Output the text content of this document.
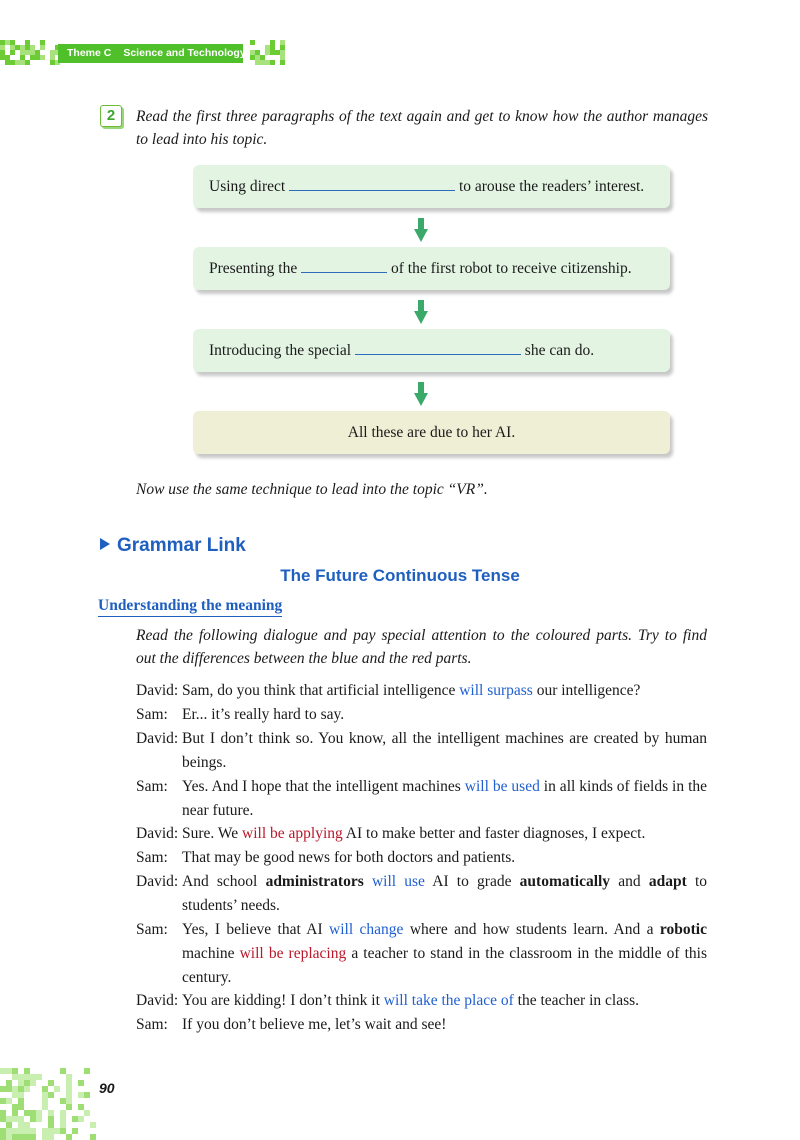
Theme C Science and Technology
2	Read the first three paragraphs of the text again and get to know how the author manages
to lead into his topic.
Using direct	to arouse the readers’ interest.
Presenting the	of the first robot to receive citizenship.
Introducing the special	she can do.
All these are due to her AI.
Now use the same technique to lead into the topic “VR”.
Grammar Link
The Future Continuous Tense
Understanding the meaning
Read the following dialogue and pay special attention to the coloured parts. Try to find
out the differences between the blue and the red parts.
David: Sam, do you think that artificial intelligence will surpass our intelligence?
Sam: Er... it’s really hard to say.
David: But I don’t think so. You know, all the intelligent machines are created by human beings.
Sam: Yes. And I hope that the intelligent machines will be used in all kinds of fields in the near future.
David: Sure. We will be applying AI to make better and faster diagnoses, I expect.
Sam: That may be good news for both doctors and patients.
David: And school administrators will use AI to grade automatically and adapt to students’ needs.
Sam: Yes, I believe that AI will change where and how students learn. And a robotic machine will be replacing a teacher to stand in the classroom in the middle of this century.
David: You are kidding! I don’t think it will take the place of the teacher in class.
Sam: If you don’t believe me, let’s wait and see!
90
